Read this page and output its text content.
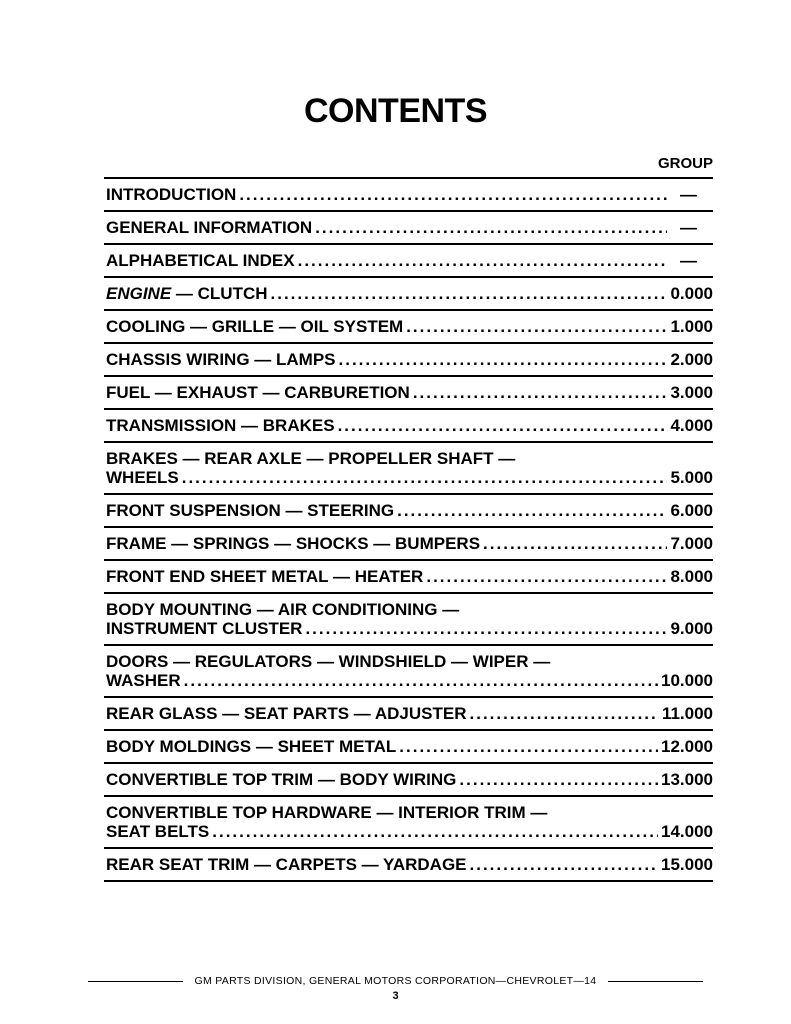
CONTENTS
GROUP
INTRODUCTION .....	—
GENERAL INFORMATION .....	—
ALPHABETICAL INDEX .....	—
ENGINE — CLUTCH .....	0.000
COOLING — GRILLE — OIL SYSTEM .....	1.000
CHASSIS WIRING — LAMPS .....	2.000
FUEL — EXHAUST — CARBURETION .....	3.000
TRANSMISSION — BRAKES .....	4.000
BRAKES — REAR AXLE — PROPELLER SHAFT —
WHEELS .....	5.000
FRONT SUSPENSION — STEERING .....	6.000
FRAME — SPRINGS — SHOCKS — BUMPERS .....	7.000
FRONT END SHEET METAL — HEATER .....	8.000
BODY MOUNTING — AIR CONDITIONING —
INSTRUMENT CLUSTER .....	9.000
DOORS — REGULATORS — WINDSHIELD — WIPER —
WASHER .....	10.000
REAR GLASS — SEAT PARTS — ADJUSTER .....	11.000
BODY MOLDINGS — SHEET METAL .....	12.000
CONVERTIBLE TOP TRIM — BODY WIRING .....	13.000
CONVERTIBLE TOP HARDWARE — INTERIOR TRIM —
SEAT BELTS .....	14.000
REAR SEAT TRIM — CARPETS — YARDAGE .....	15.000
GM PARTS DIVISION, GENERAL MOTORS CORPORATION—CHEVROLET—14
3
